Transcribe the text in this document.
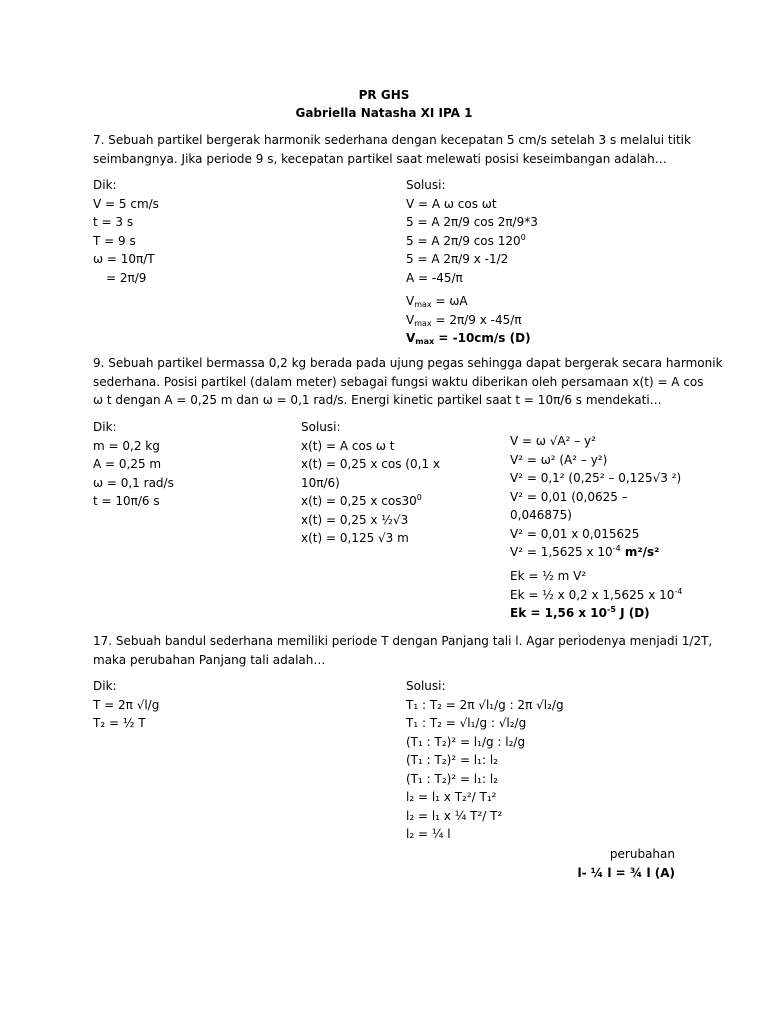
PR GHS
Gabriella Natasha XI IPA 1
7. Sebuah partikel bergerak harmonik sederhana dengan kecepatan 5 cm/s setelah 3 s melalui titik
seimbangnya. Jika periode 9 s, kecepatan partikel saat melewati posisi keseimbangan adalah…
Dik:
V = 5 cm/s
t = 3 s
T = 9 s
ω = 10π/T
= 2π/9
Solusi:
V = A ω cos ωt
5 = A 2π/9 cos 2π/9*3
5 = A 2π/9 $\cos 120^0$
5 = A 2π/9 x -1/2
A = -45/π
$V_{max} = \omega A$
$V_{max} = 2\pi/9$ x -45/π
$V_{max} = -10cm/s$ (D)
9. Sebuah partikel bermassa 0,2 kg berada pada ujung pegas sehingga dapat bergerak secara harmonik
sederhana. Posisi partikel (dalam meter) sebagai fungsi waktu diberikan oleh persamaan x(t) = A cos
ω t dengan A = 0,25 m dan ω = 0,1 rad/s. Energi kinetic partikel saat t = 10π/6 s mendekati…
Dik:
m = 0,2 kg
A = 0,25 m
ω = 0,1 rad/s
t = 10π/6 s
Solusi:
x(t) = A cos ω t
x(t) = 0,25 x cos (0,1 x
10π/6)
x(t) = 0,25 x $\cos 30^0$
x(t) = 0,25 x ½√3
x(t) = 0,125 √3 m
V = ω √A² – y²
V² = ω² (A² – y²)
V² = 0,1² (0,25² – 0,125√3 ²)
V² = 0,01 (0,0625 –
0,046875)
V² = 0,01 x 0,015625
V² = 1,5625 x $10^{-4}$ m²/s²
Ek = ½ m V²
Ek = ½ x 0,2 x 1,5625 x $10^{-4}$
Ek = 1,56 x $10^{-5}$ J (D)
17. Sebuah bandul sederhana memiliki periode T dengan Panjang tali l. Agar periodenya menjadi 1/2T,
maka perubahan Panjang tali adalah…
Dik:
T = 2π √l/g
T₂ = ½ T
Solusi:
T₁ : T₂ = 2π √l₁/g : 2π √l₂/g
T₁ : T₂ = √l₁/g : √l₂/g
(T₁ : T₂)² = l₁/g : l₂/g
(T₁ : T₂)² = l₁: l₂
(T₁ : T₂)² = l₁: l₂
l₂ = l₁ x T₂²/ T₁²
l₂ = l₁ x ¼ T²/ T²
l₂ = ¼ l
perubahan
l- ¼ l = ¾ l (A)
